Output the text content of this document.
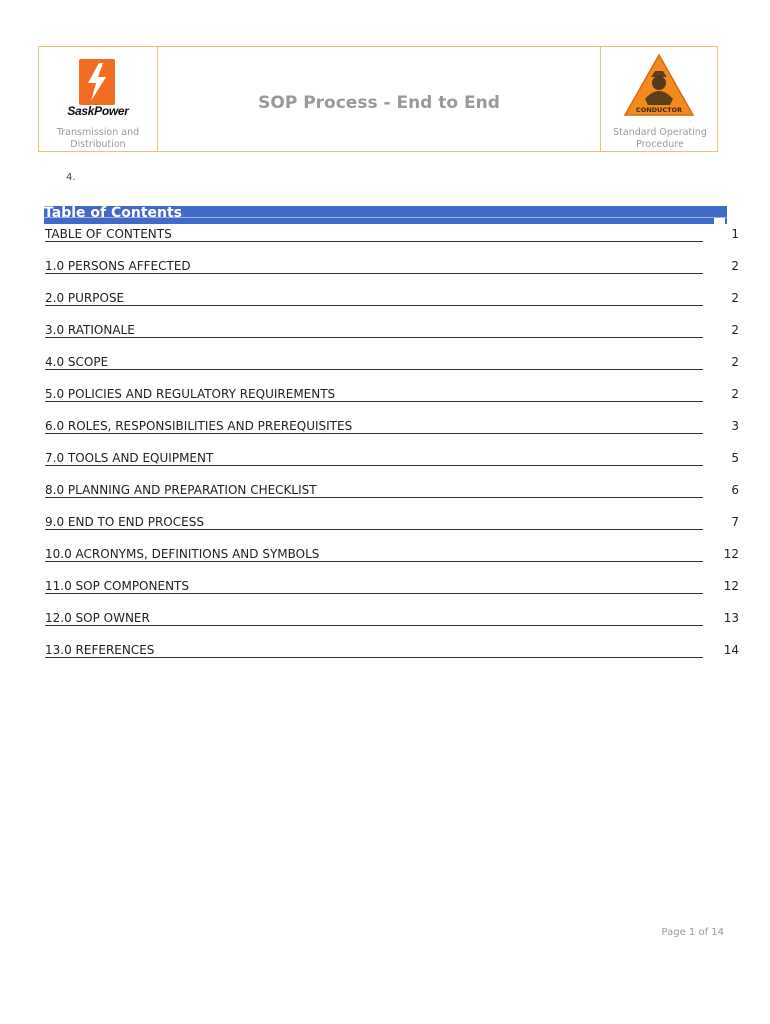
SaskPower
Transmission and
Distribution
SOP Process - End to End	CONDUCTOR
Standard Operating
Procedure
4.
Table of Contents
TABLE OF CONTENTS	1
1.0 PERSONS AFFECTED	2
2.0 PURPOSE	2
3.0 RATIONALE	2
4.0 SCOPE	2
5.0 POLICIES AND REGULATORY REQUIREMENTS	2
6.0 ROLES, RESPONSIBILITIES AND PREREQUISITES	3
7.0 TOOLS AND EQUIPMENT	5
8.0 PLANNING AND PREPARATION CHECKLIST	6
9.0 END TO END PROCESS	7
10.0 ACRONYMS, DEFINITIONS AND SYMBOLS	12
11.0 SOP COMPONENTS	12
12.0 SOP OWNER	13
13.0 REFERENCES	14
Page 1 of 14
